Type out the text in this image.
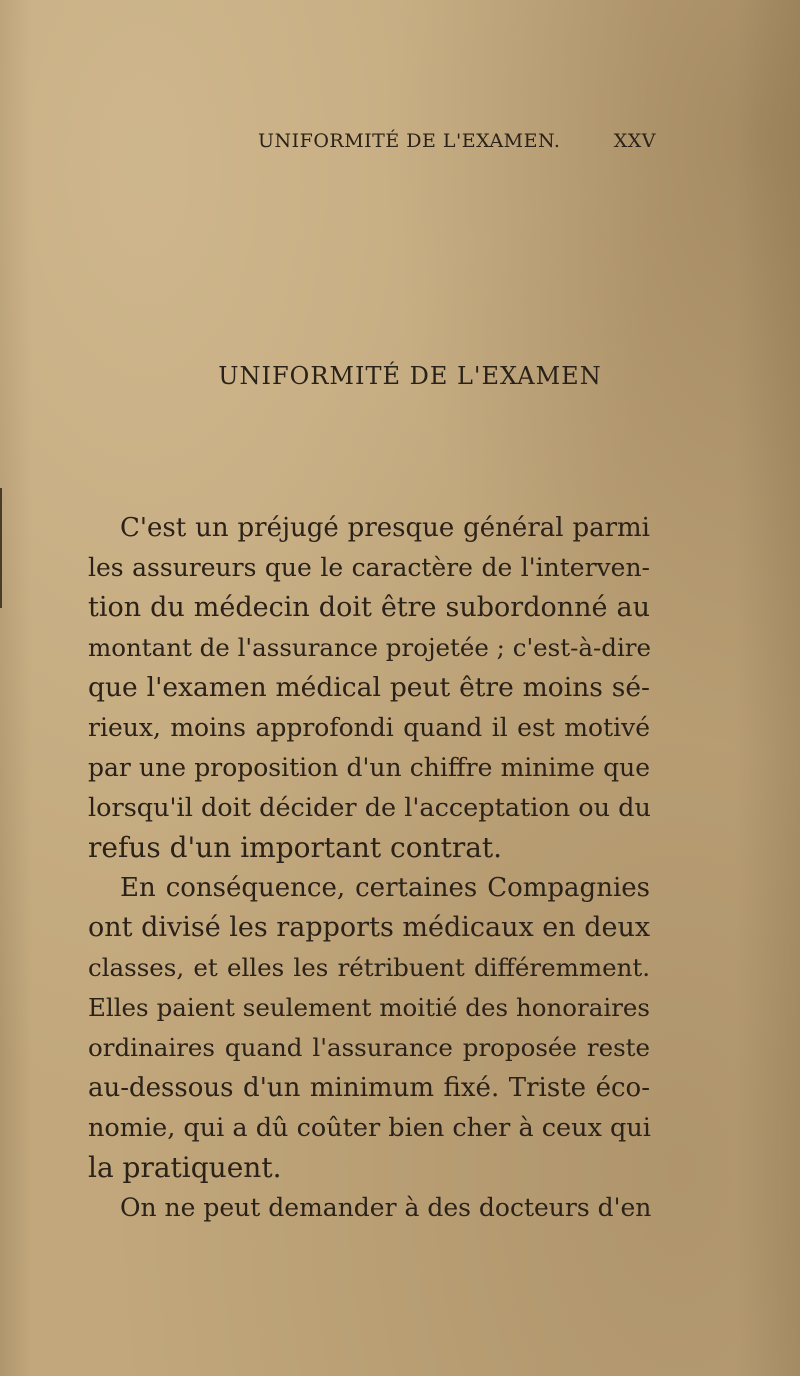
UNIFORMITÉ DE L'EXAMEN.	XXV
UNIFORMITÉ DE L'EXAMEN
C'est un préjugé presque général parmi
les assureurs que le caractère de l'interven-
tion du médecin doit être subordonné au
montant de l'assurance projetée ; c'est-à-dire
que l'examen médical peut être moins sé-
rieux, moins approfondi quand il est motivé
par une proposition d'un chiffre minime que
lorsqu'il doit décider de l'acceptation ou du
refus d'un important contrat.
En conséquence, certaines Compagnies
ont divisé les rapports médicaux en deux
classes, et elles les rétribuent différemment.
Elles paient seulement moitié des honoraires
ordinaires quand l'assurance proposée reste
au-dessous d'un minimum fixé. Triste éco-
nomie, qui a dû coûter bien cher à ceux qui
la pratiquent.
On ne peut demander à des docteurs d'en
